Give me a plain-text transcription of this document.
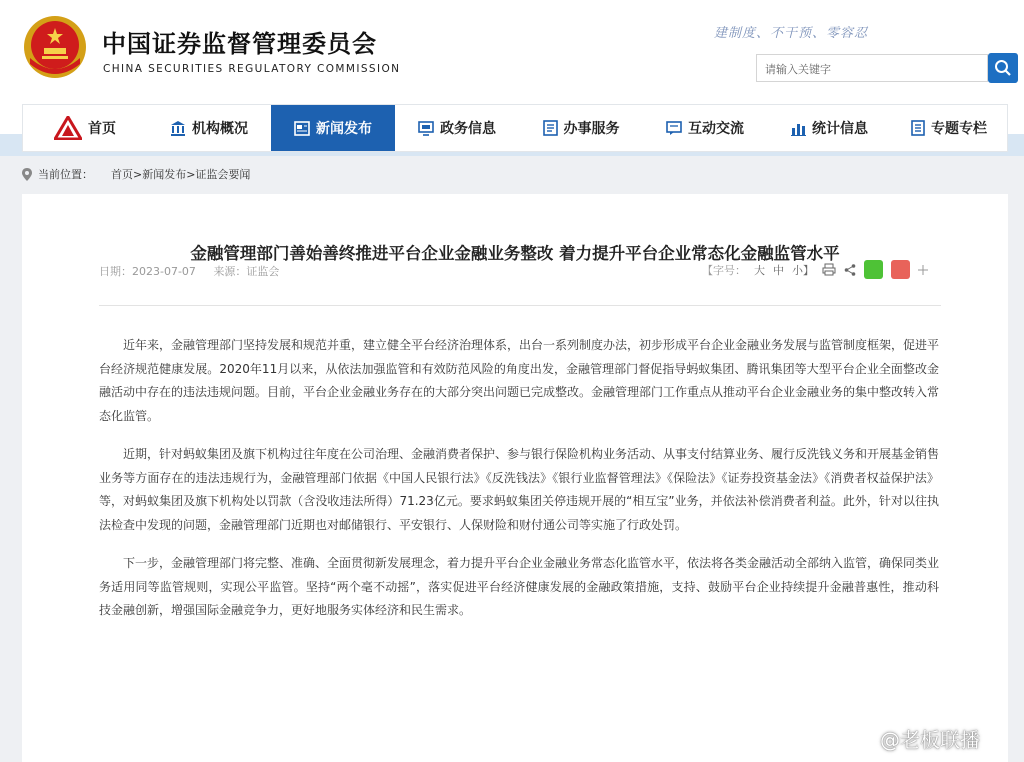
中国证券监督管理委员会
CHINA SECURITIES REGULATORY COMMISSION
建制度、不干预、零容忍
请输入关键字
首页	机构概况	新闻发布	政务信息	办事服务	互动交流	统计信息	专题专栏
当前位置： 首页>新闻发布>证监会要闻
金融管理部门善始善终推进平台企业金融业务整改 着力提升平台企业常态化金融监管水平
日期：2023-07-07 来源：证监会	【字号： 大 中 小】

近年来，金融管理部门坚持发展和规范并重，建立健全平台经济治理体系，出台一系列制度办法，初步形成平台企业金融业务发展与监管制度框架，促进平台经济规范健康发展。2020年11月以来，从依法加强监管和有效防范风险的角度出发，金融管理部门督促指导蚂蚁集团、腾讯集团等大型平台企业全面整改金融活动中存在的违法违规问题。目前，平台企业金融业务存在的大部分突出问题已完成整改。金融管理部门工作重点从推动平台企业金融业务的集中整改转入常态化监管。

近期，针对蚂蚁集团及旗下机构过往年度在公司治理、金融消费者保护、参与银行保险机构业务活动、从事支付结算业务、履行反洗钱义务和开展基金销售业务等方面存在的违法违规行为，金融管理部门依据《中国人民银行法》《反洗钱法》《银行业监督管理法》《保险法》《证券投资基金法》《消费者权益保护法》等，对蚂蚁集团及旗下机构处以罚款（含没收违法所得）71.23亿元。要求蚂蚁集团关停违规开展的“相互宝”业务，并依法补偿消费者利益。此外，针对以往执法检查中发现的问题，金融管理部门近期也对邮储银行、平安银行、人保财险和财付通公司等实施了行政处罚。

下一步，金融管理部门将完整、准确、全面贯彻新发展理念，着力提升平台企业金融业务常态化监管水平，依法将各类金融活动全部纳入监管，确保同类业务适用同等监管规则，实现公平监管。坚持“两个毫不动摇”，落实促进平台经济健康发展的金融政策措施，支持、鼓励平台企业持续提升金融普惠性，推动科技金融创新，增强国际金融竞争力，更好地服务实体经济和民生需求。

@老板联播
